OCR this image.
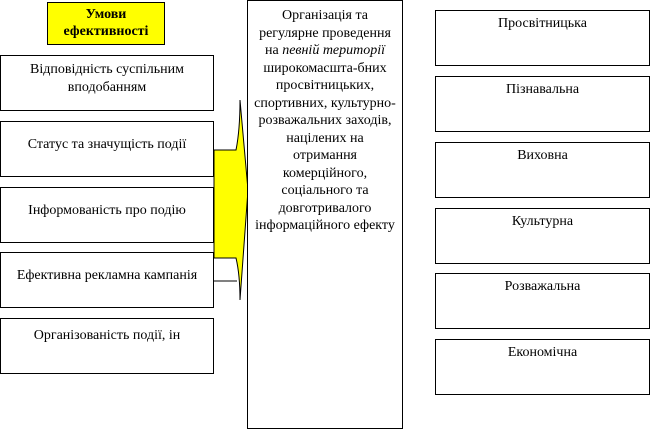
Умови ефективності
Відповідність суспільним вподобанням
Статус та значущість події
Інформованість про подію
Ефективна рекламна кампанія
Організованість події, ін
Організація та регулярне проведення на певній території широкомасшта-бних просвітницьких, спортивних, культурно-розважальних заходів, націлених на отримання комерційного, соціального та довготривалого інформаційного ефекту
Просвітницька
Пізнавальна
Виховна
Культурна
Розважальна
Економічна
